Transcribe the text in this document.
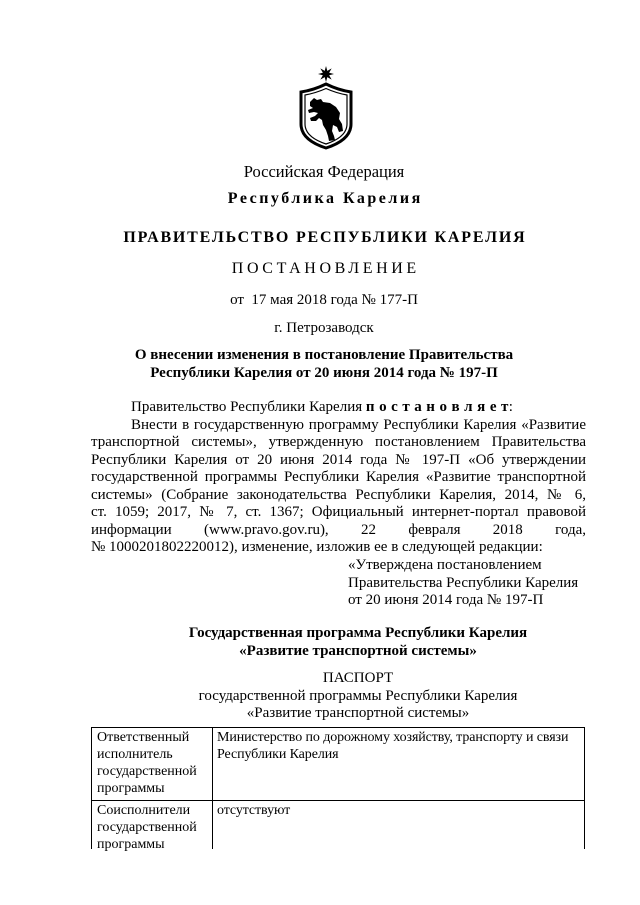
Российская Федерация
Республика Карелия
ПРАВИТЕЛЬСТВО РЕСПУБЛИКИ КАРЕЛИЯ
ПОСТАНОВЛЕНИЕ
от  17 мая 2018 года № 177-П
г. Петрозаводск
О внесении изменения в постановление Правительства
Республики Карелия от 20 июня 2014 года № 197-П
Правительство Республики Карелия п о с т а н о в л я е т:
Внести в государственную программу Республики Карелия «Развитие
транспортной системы», утвержденную постановлением Правительства
Республики Карелия от 20 июня 2014 года № 197-П «Об утверждении
государственной программы Республики Карелия «Развитие транспортной
системы» (Собрание законодательства Республики Карелия, 2014, № 6,
ст. 1059; 2017, № 7, ст. 1367; Официальный интернет-портал правовой
информации (www.pravo.gov.ru), 22 февраля 2018 года,
№ 1000201802220012), изменение, изложив ее в следующей редакции:
«Утверждена постановлением
Правительства Республики Карелия
от 20 июня 2014 года № 197-П
Государственная программа Республики Карелия
«Развитие транспортной системы»
ПАСПОРТ
государственной программы Республики Карелия
«Развитие транспортной системы»
Ответственный исполнитель государственной программы
Министерство по дорожному хозяйству, транспорту и связи Республики Карелия
Соисполнители государственной программы
отсутствуют
